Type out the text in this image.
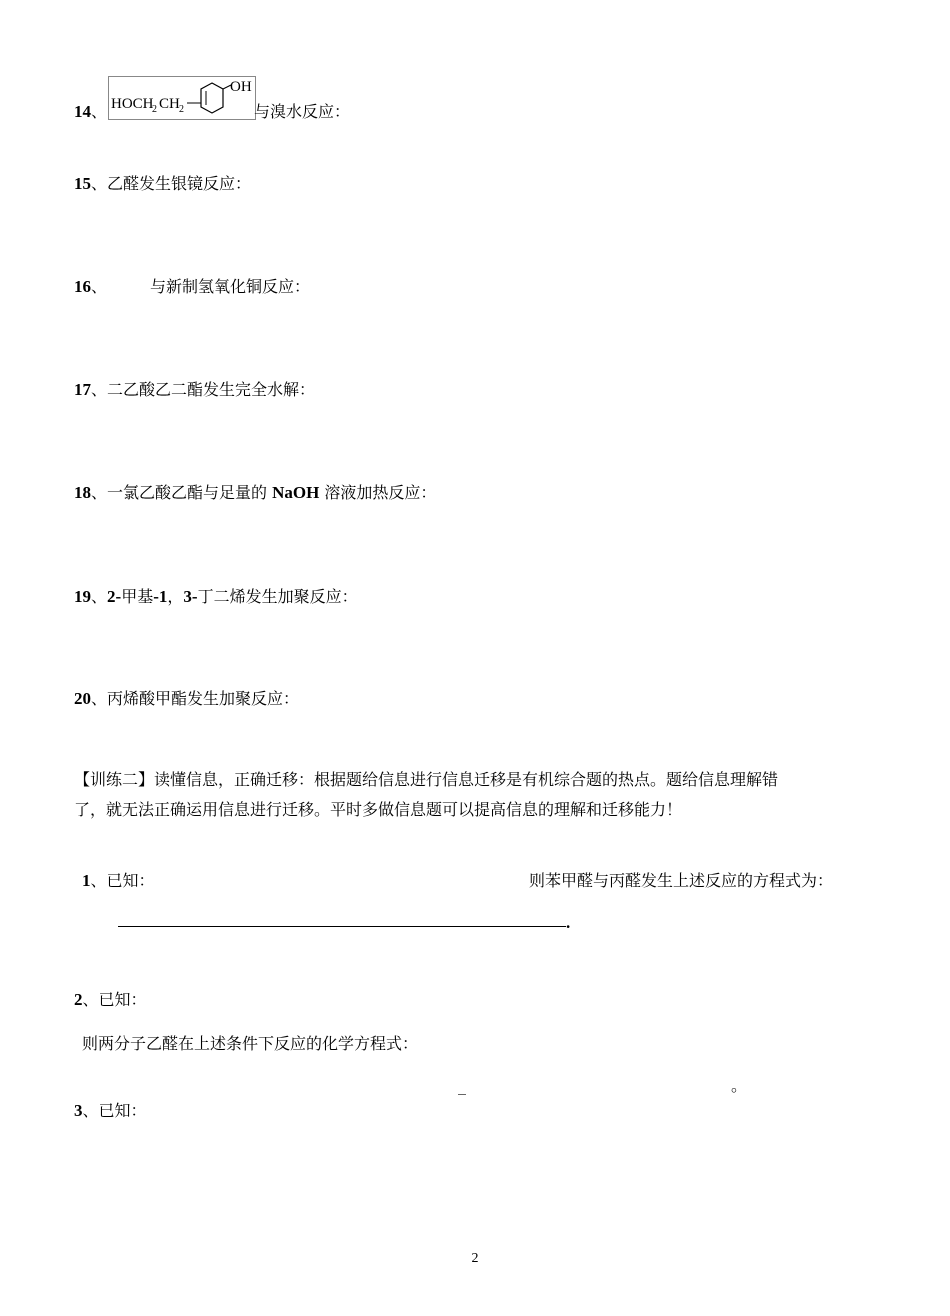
14、 HOCH
2 CH 2
OH
与溴水反应：
15、乙醛发生银镜反应：
16、	与新制氢氧化铜反应：
17、二乙酸乙二酯发生完全水解：
18、一氯乙酸乙酯与足量的 NaOH 溶液加热反应：
19、2-甲基-1，3-丁二烯发生加聚反应：
20、丙烯酸甲酯发生加聚反应：
【训练二】读懂信息，正确迁移：根据题给信息进行信息迁移是有机综合题的热点。题给信息理解错
了，就无法正确运用信息进行迁移。平时多做信息题可以提高信息的理解和迁移能力！
1、已知：	则苯甲醛与丙醛发生上述反应的方程式为：
.
2、已知：
则两分子乙醛在上述条件下反应的化学方程式：
_	。
3、已知：
2
